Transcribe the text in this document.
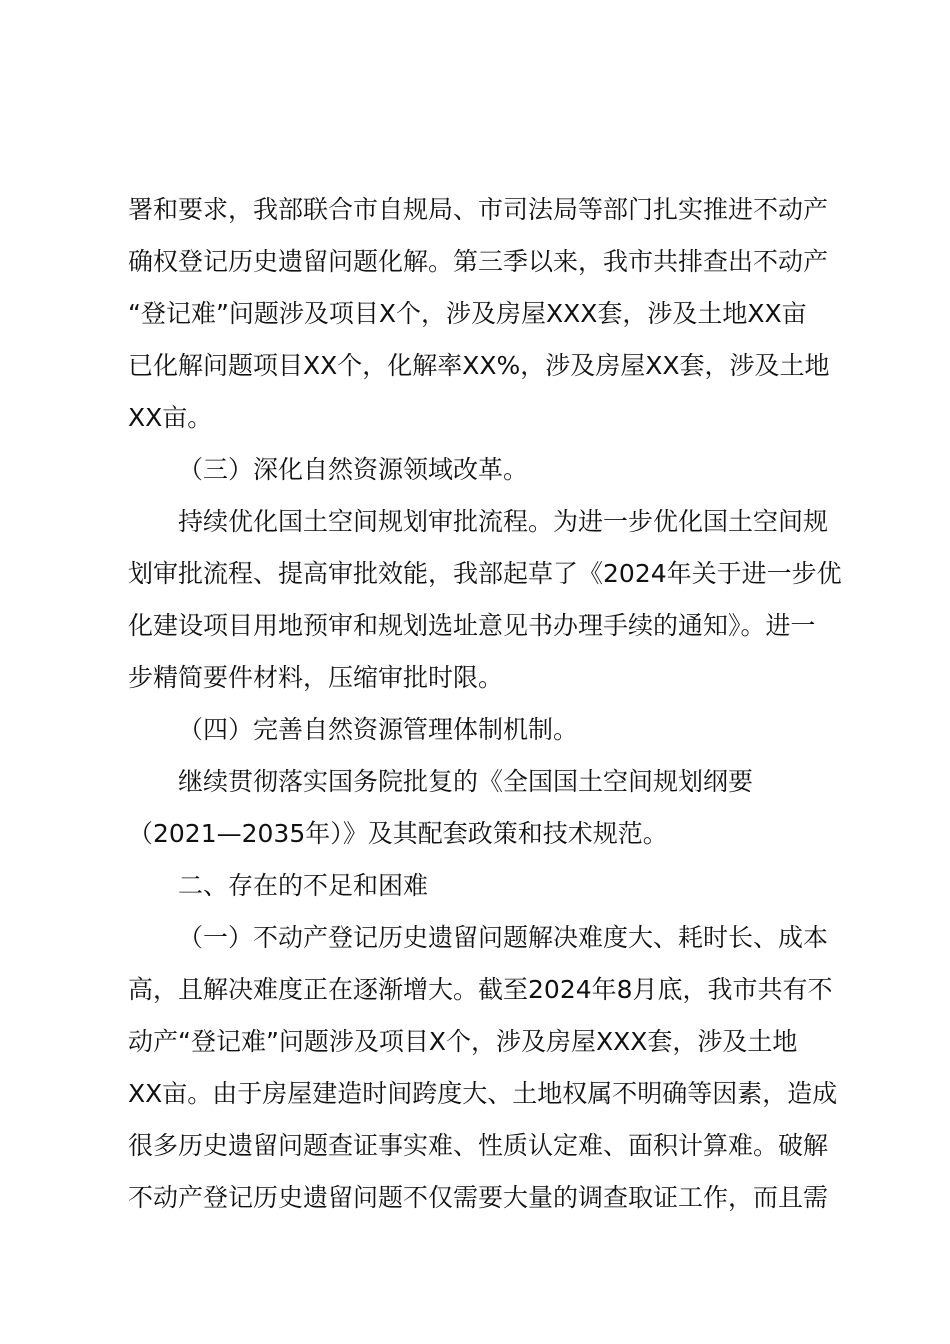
署和要求，我部联合市自规局、市司法局等部门扎实推进不动产
确权登记历史遗留问题化解。第三季以来，我市共排查出不动产
“登记难”问题涉及项目X个，涉及房屋XXX套，涉及土地XX亩
已化解问题项目XX个，化解率XX%，涉及房屋XX套，涉及土地
XX亩。
（三）深化自然资源领域改革。
持续优化国土空间规划审批流程。为进一步优化国土空间规
划审批流程、提高审批效能，我部起草了《2024年关于进一步优
化建设项目用地预审和规划选址意见书办理手续的通知》。进一
步精简要件材料，压缩审批时限。
（四）完善自然资源管理体制机制。
继续贯彻落实国务院批复的《全国国土空间规划纲要
（2021—2035年）》及其配套政策和技术规范。
二、存在的不足和困难
（一）不动产登记历史遗留问题解决难度大、耗时长、成本
高，且解决难度正在逐渐增大。截至2024年8月底，我市共有不
动产“登记难”问题涉及项目X个，涉及房屋XXX套，涉及土地
XX亩。由于房屋建造时间跨度大、土地权属不明确等因素，造成
很多历史遗留问题查证事实难、性质认定难、面积计算难。破解
不动产登记历史遗留问题不仅需要大量的调查取证工作，而且需
